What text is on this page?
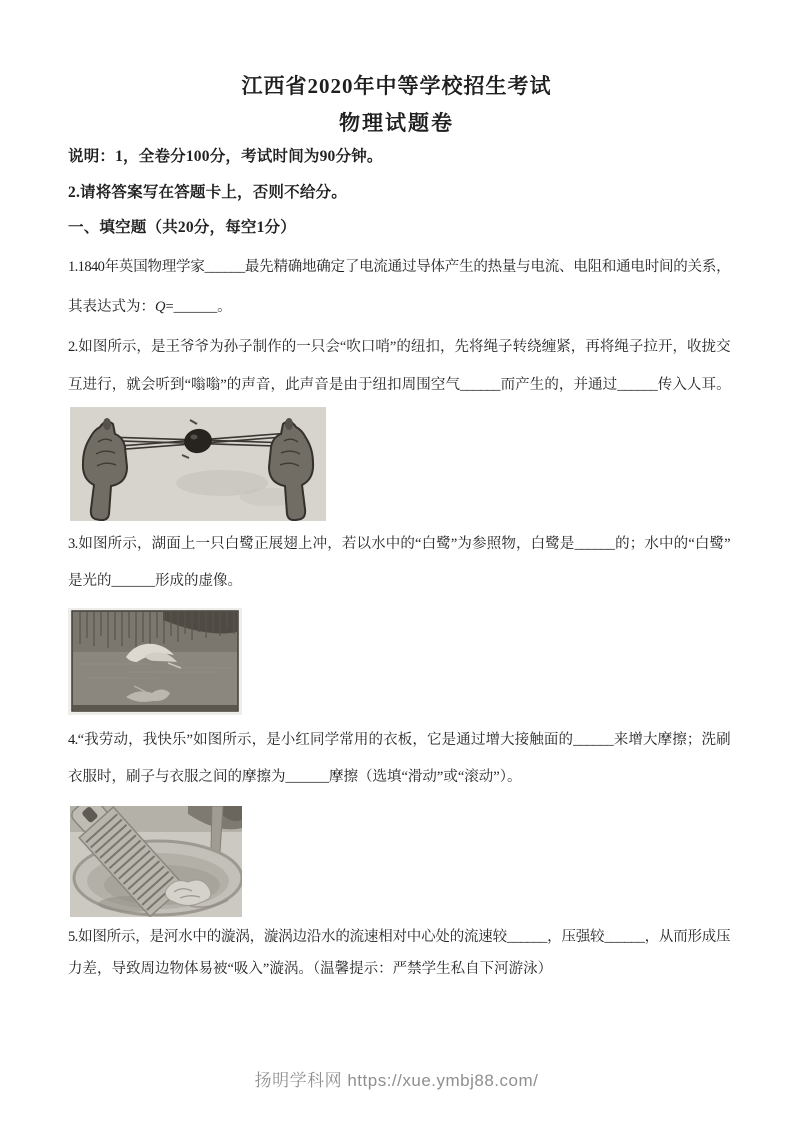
江西省2020年中等学校招生考试
物理试题卷
说明：1，全卷分100分，考试时间为90分钟。
2.请将答案写在答题卡上，否则不给分。
一、填空题（共20分，每空1分）
1.1840年英国物理学家______最先精确地确定了电流通过导体产生的热量与电流、电阻和通电时间的关系，
其表达式为：Q=______。
2.如图所示，是王爷爷为孙子制作的一只会“吹口哨”的纽扣，先将绳子转绕缠紧，再将绳子拉开，收拢交
互进行，就会听到“嗡嗡”的声音，此声音是由于纽扣周围空气______而产生的，并通过______传入人耳。
3.如图所示，湖面上一只白鹭正展翅上冲，若以水中的“白鹭”为参照物，白鹭是______的；水中的“白鹭”
是光的______形成的虚像。
4.“我劳动，我快乐”如图所示，是小红同学常用的衣板，它是通过增大接触面的______来增大摩擦；洗刷
衣服时，刷子与衣服之间的摩擦为______摩擦（选填“滑动”或“滚动”）。
5.如图所示，是河水中的漩涡，漩涡边沿水的流速相对中心处的流速较______，压强较______，从而形成压
力差，导致周边物体易被“吸入”漩涡。（温馨提示：严禁学生私自下河游泳）
扬明学科网 https://xue.ymbj88.com/
